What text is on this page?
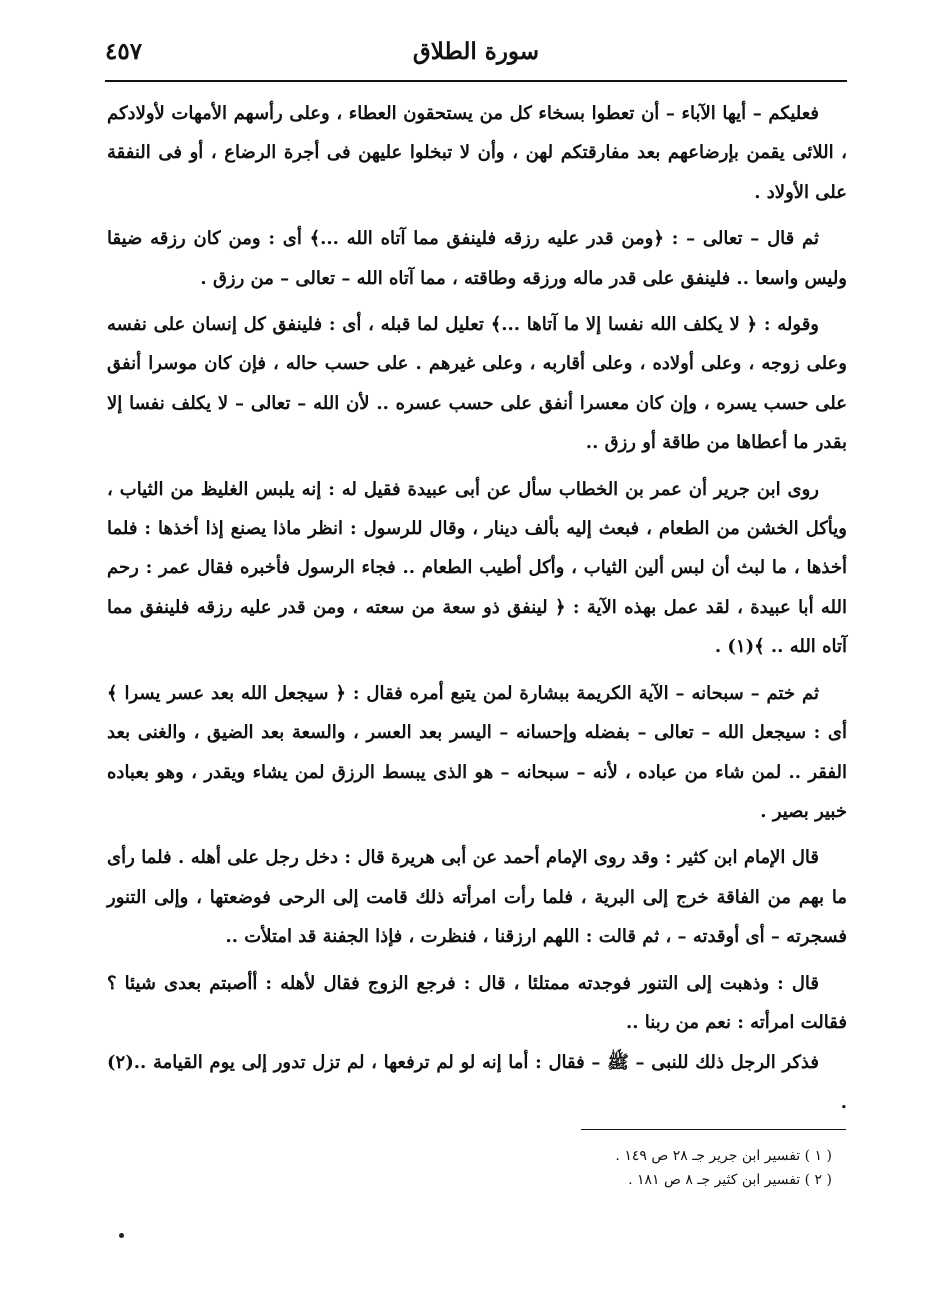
سورة الطلاق
٤٥٧

فعليكم – أيها الآباء – أن تعطوا بسخاء كل من يستحقون العطاء ، وعلى رأسهم الأمهات لأولادكم ، اللائى يقمن بإرضاعهم بعد مفارقتكم لهن ، وأن لا تبخلوا عليهن فى أجرة الرضاع ، أو فى النفقة على الأولاد .

ثم قال – تعالى – : ﴿ومن قدر عليه رزقه فلينفق مما آتاه الله ...﴾ أى : ومن كان رزقه ضيقا وليس واسعا .. فلينفق على قدر ماله ورزقه وطاقته ، مما آتاه الله – تعالى – من رزق .

وقوله : ﴿ لا يكلف الله نفسا إلا ما آتاها ...﴾ تعليل لما قبله ، أى : فلينفق كل إنسان على نفسه وعلى زوجه ، وعلى أولاده ، وعلى أقاربه ، وعلى غيرهم . على حسب حاله ، فإن كان موسرا أنفق على حسب يسره ، وإن كان معسرا أنفق على حسب عسره .. لأن الله – تعالى – لا يكلف نفسا إلا بقدر ما أعطاها من طاقة أو رزق ..

روى ابن جرير أن عمر بن الخطاب سأل عن أبى عبيدة فقيل له : إنه يلبس الغليظ من الثياب ، ويأكل الخشن من الطعام ، فبعث إليه بألف دينار ، وقال للرسول : انظر ماذا يصنع إذا أخذها : فلما أخذها ، ما لبث أن لبس ألين الثياب ، وأكل أطيب الطعام .. فجاء الرسول فأخبره فقال عمر : رحم الله أبا عبيدة ، لقد عمل بهذه الآية : ﴿ لينفق ذو سعة من سعته ، ومن قدر عليه رزقه فلينفق مما آتاه الله .. ﴾(١) .

ثم ختم – سبحانه – الآية الكريمة ببشارة لمن يتبع أمره فقال : ﴿ سيجعل الله بعد عسر يسرا ﴾ أى : سيجعل الله – تعالى – بفضله وإحسانه – اليسر بعد العسر ، والسعة بعد الضيق ، والغنى بعد الفقر .. لمن شاء من عباده ، لأنه – سبحانه – هو الذى يبسط الرزق لمن يشاء ويقدر ، وهو بعباده خبير بصير .

قال الإمام ابن كثير : وقد روى الإمام أحمد عن أبى هريرة قال : دخل رجل على أهله . فلما رأى ما بهم من الفاقة خرج إلى البرية ، فلما رأت امرأته ذلك قامت إلى الرحى فوضعتها ، وإلى التنور فسجرته – أى أوقدته – ، ثم قالت : اللهم ارزقنا ، فنظرت ، فإذا الجفنة قد امتلأت ..

قال : وذهبت إلى التنور فوجدته ممتلئا ، قال : فرجع الزوج فقال لأهله : أأصبتم بعدى شيئا ؟ فقالت امرأته : نعم من ربنا ..

فذكر الرجل ذلك للنبى – ﷺ – فقال : أما إنه لو لم ترفعها ، لم تزل تدور إلى يوم القيامة ..(٢) .

( ١ ) تفسير ابن جرير جـ ٢٨ ص ١٤٩ .

( ٢ ) تفسير ابن كثير جـ ٨ ص ١٨١ .
